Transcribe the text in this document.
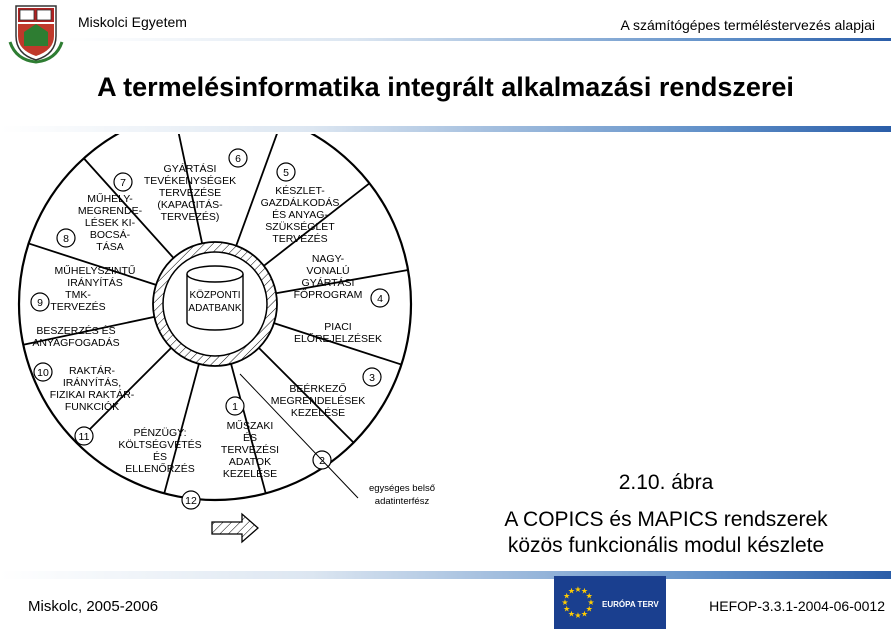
Miskolci Egyetem	A számítógépes terméléstervezés alapjai
A termelésinformatika integrált alkalmazási rendszerei
KÖZPONTI
ADATBANK
MŰSZAKI
ÉS
TERVEZÉSI
ADATOK
KEZELÉSE
1
BEÉRKEZŐ
MEGRENDELÉSEK
KEZELÉSE
2
PIACI
ELŐREJELZÉSEK
3
NAGY-
VONALÚ
GYÁRTÁSI
FŐPROGRAM 4
KÉSZLET-
GAZDÁLKODÁS
ÉS ANYAG-
SZÜKSÉGLET
TERVEZÉS
5
GYÁRTÁSI
TEVÉKENYSÉGEK
TERVEZÉSE
(KAPACITÁS-
TERVEZÉS)
6
MŰHELY-
MEGRENDE-
LÉSEK KI-
BOCSÁ-
TÁSA
7
MŰHELYSZINTŰ
IRÁNYÍTÁS
8
TMK-
TERVEZÉS
9
BESZERZÉS ÉS
ANYAGFOGADÁS
10 RAKTÁR-
IRÁNYÍTÁS,
FIZIKAI RAKTÁR-
FUNKCIÓK
11	PÉNZÜGY:
KÖLTSÉGVETÉS
ÉS
ELLENŐRZÉS
12
egységes belső
adatinterfész
2.10. ábra
A COPICS és MAPICS rendszerek
közös funkcionális modul készlete
Miskolc, 2005-2006
★ ★
★
★
★
★
★
★
★
★
★
★
EURÓPA TERV	HEFOP-3.3.1-2004-06-0012
